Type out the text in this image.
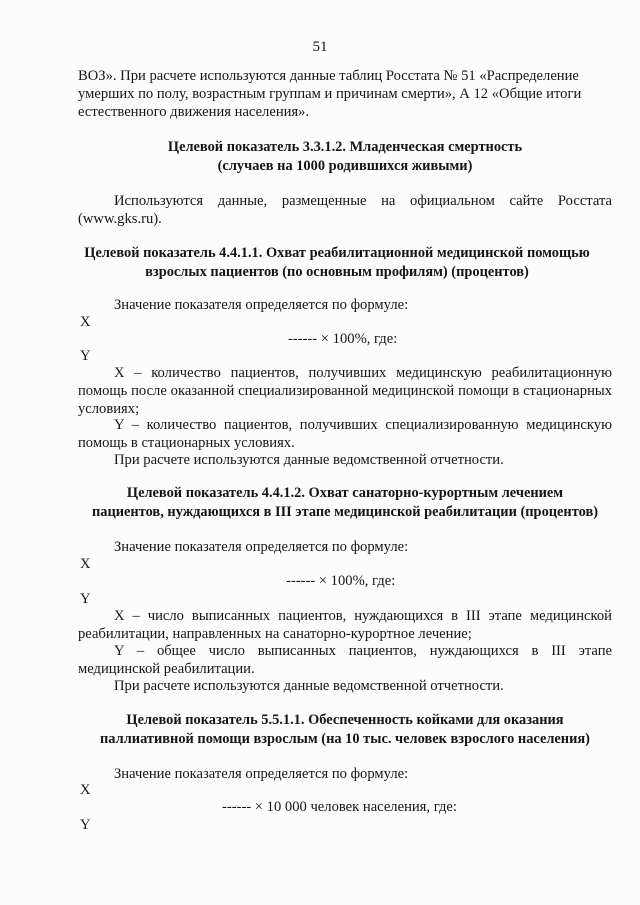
51

ВОЗ». При расчете используются данные таблиц Росстата № 51 «Распределение

умерших по полу, возрастным группам и причинам смерти», А 12 «Общие итоги

естественного движения населения».

Целевой показатель 3.3.1.2. Младенческая смертность
(случаев на 1000 родившихся живыми)
Используются данные, размещенные на официальном сайте Росстата (www.gks.ru).
Целевой показатель 4.4.1.1. Охват реабилитационной медицинской помощью
взрослых пациентов (по основным профилям) (процентов)
Значение показателя определяется по формуле:
X
------ × 100%, где:
Y
X – количество пациентов, получивших медицинскую реабилитационную помощь после оказанной специализированной медицинской помощи в стационарных условиях;
Y – количество пациентов, получивших специализированную медицинскую помощь в стационарных условиях.
При расчете используются данные ведомственной отчетности.
Целевой показатель 4.4.1.2. Охват санаторно-курортным лечением
пациентов, нуждающихся в III этапе медицинской реабилитации (процентов)
Значение показателя определяется по формуле:
X
------ × 100%, где:
Y
X – число выписанных пациентов, нуждающихся в III этапе медицинской реабилитации, направленных на санаторно-курортное лечение;
Y – общее число выписанных пациентов, нуждающихся в III этапе медицинской реабилитации.
При расчете используются данные ведомственной отчетности.
Целевой показатель 5.5.1.1. Обеспеченность койками для оказания
паллиативной помощи взрослым (на 10 тыс. человек взрослого населения)
Значение показателя определяется по формуле:
X
------ × 10 000 человек населения, где:
Y
